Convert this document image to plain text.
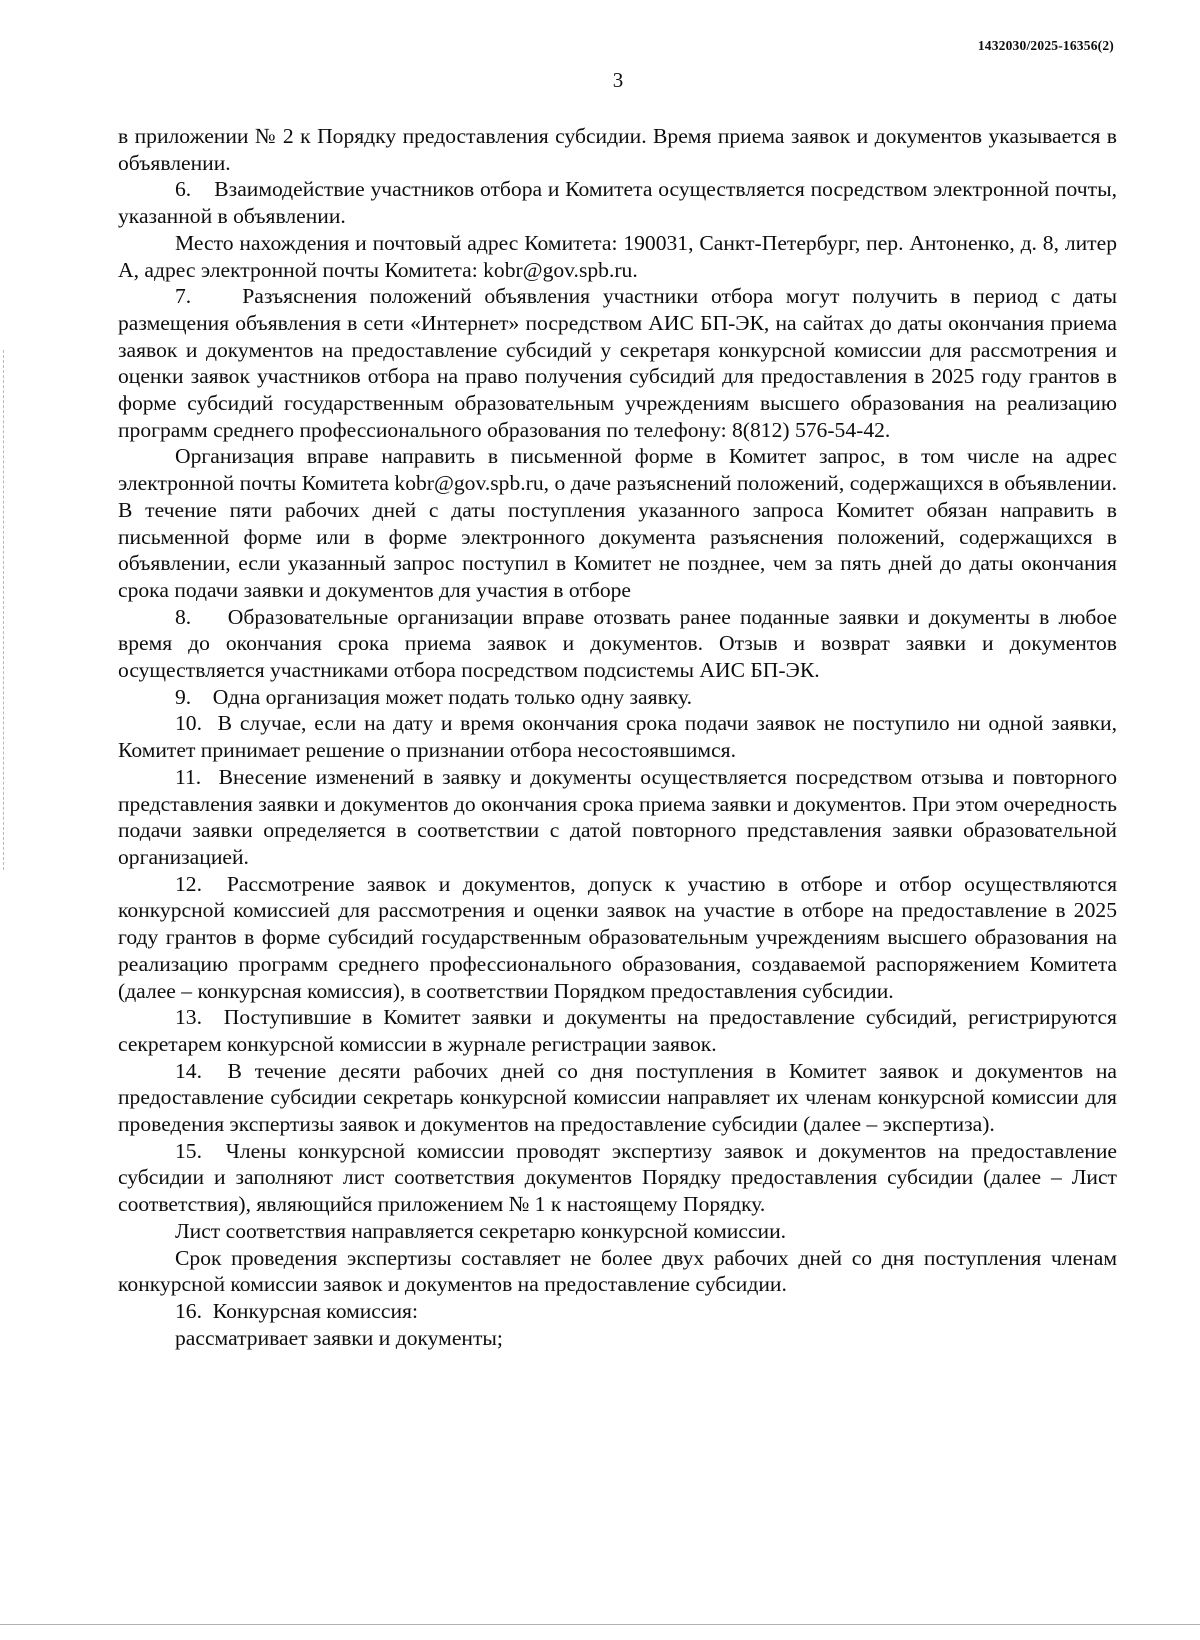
1432030/2025-16356(2)
3

в приложении № 2 к Порядку предоставления субсидии. Время приема заявок и документов указывается в объявлении.

6.    Взаимодействие участников отбора и Комитета осуществляется посредством электронной почты, указанной в объявлении.

Место нахождения и почтовый адрес Комитета: 190031, Санкт-Петербург, пер. Антоненко, д. 8, литер А, адрес электронной почты Комитета: kobr@gov.spb.ru.

7.    Разъяснения положений объявления участники отбора могут получить в период с даты размещения объявления в сети «Интернет» посредством АИС БП-ЭК, на сайтах до даты окончания приема заявок и документов на предоставление субсидий у секретаря конкурсной комиссии для рассмотрения и оценки заявок участников отбора на право получения субсидий для предоставления в 2025 году грантов в форме субсидий государственным образовательным учреждениям высшего образования на реализацию программ среднего профессионального образования по телефону: 8(812) 576-54-42.

Организация вправе направить в письменной форме в Комитет запрос, в том числе на адрес электронной почты Комитета kobr@gov.spb.ru, о даче разъяснений положений, содержащихся в объявлении. В течение пяти рабочих дней с даты поступления указанного запроса Комитет обязан направить в письменной форме или в форме электронного документа разъяснения положений, содержащихся в объявлении, если указанный запрос поступил в Комитет не позднее, чем за пять дней до даты окончания срока подачи заявки и документов для участия в отборе

8.    Образовательные организации вправе отозвать ранее поданные заявки и документы в любое время до окончания срока приема заявок и документов. Отзыв и возврат заявки и документов осуществляется участниками отбора посредством подсистемы АИС БП-ЭК.

9.    Одна организация может подать только одну заявку.

10.  В случае, если на дату и время окончания срока подачи заявок не поступило ни одной заявки, Комитет принимает решение о признании отбора несостоявшимся.

11.  Внесение изменений в заявку и документы осуществляется посредством отзыва и повторного представления заявки и документов до окончания срока приема заявки и документов. При этом очередность подачи заявки определяется в соответствии с датой повторного представления заявки образовательной организацией.

12.  Рассмотрение заявок и документов, допуск к участию в отборе и отбор осуществляются конкурсной комиссией для рассмотрения и оценки заявок на участие в отборе на предоставление в 2025 году грантов в форме субсидий государственным образовательным учреждениям высшего образования на реализацию программ среднего профессионального образования, создаваемой распоряжением Комитета (далее – конкурсная комиссия), в соответствии Порядком предоставления субсидии.

13.  Поступившие в Комитет заявки и документы на предоставление субсидий, регистрируются секретарем конкурсной комиссии в журнале регистрации заявок.

14.  В течение десяти рабочих дней со дня поступления в Комитет заявок и документов на предоставление субсидии секретарь конкурсной комиссии направляет их членам конкурсной комиссии для проведения экспертизы заявок и документов на предоставление субсидии (далее – экспертиза).

15.  Члены конкурсной комиссии проводят экспертизу заявок и документов на предоставление субсидии и заполняют лист соответствия документов Порядку предоставления субсидии (далее – Лист соответствия), являющийся приложением № 1 к настоящему Порядку.

Лист соответствия направляется секретарю конкурсной комиссии.

Срок проведения экспертизы составляет не более двух рабочих дней со дня поступления членам конкурсной комиссии заявок и документов на предоставление субсидии.

16.  Конкурсная комиссия:

рассматривает заявки и документы;
